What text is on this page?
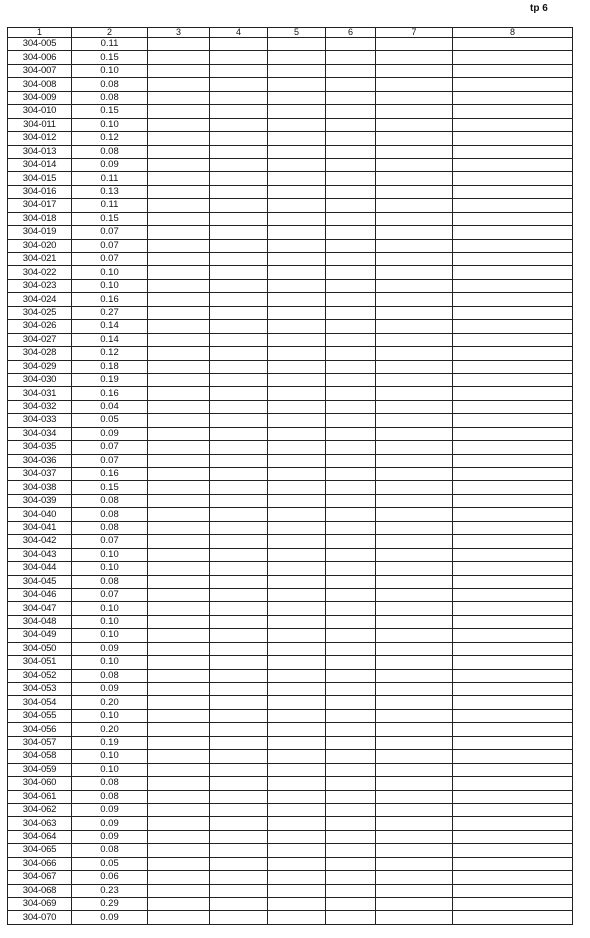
tp 6
1	2	3	4	5	6	7	8
304-005	0.11						
304-006	0.15						
304-007	0.10						
304-008	0.08						
304-009	0.08						
304-010	0.15						
304-011	0.10						
304-012	0.12						
304-013	0.08						
304-014	0.09						
304-015	0.11						
304-016	0.13						
304-017	0.11						
304-018	0.15						
304-019	0.07						
304-020	0.07						
304-021	0.07						
304-022	0.10						
304-023	0.10						
304-024	0.16						
304-025	0.27						
304-026	0.14						
304-027	0.14						
304-028	0.12						
304-029	0.18						
304-030	0.19						
304-031	0.16						
304-032	0.04						
304-033	0.05						
304-034	0.09						
304-035	0.07						
304-036	0.07						
304-037	0.16						
304-038	0.15						
304-039	0.08						
304-040	0.08						
304-041	0.08						
304-042	0.07						
304-043	0.10						
304-044	0.10						
304-045	0.08						
304-046	0.07						
304-047	0.10						
304-048	0.10						
304-049	0.10						
304-050	0.09						
304-051	0.10						
304-052	0.08						
304-053	0.09						
304-054	0.20						
304-055	0.10						
304-056	0.20						
304-057	0.19						
304-058	0.10						
304-059	0.10						
304-060	0.08						
304-061	0.08						
304-062	0.09						
304-063	0.09						
304-064	0.09						
304-065	0.08						
304-066	0.05						
304-067	0.06						
304-068	0.23						
304-069	0.29						
304-070	0.09						
